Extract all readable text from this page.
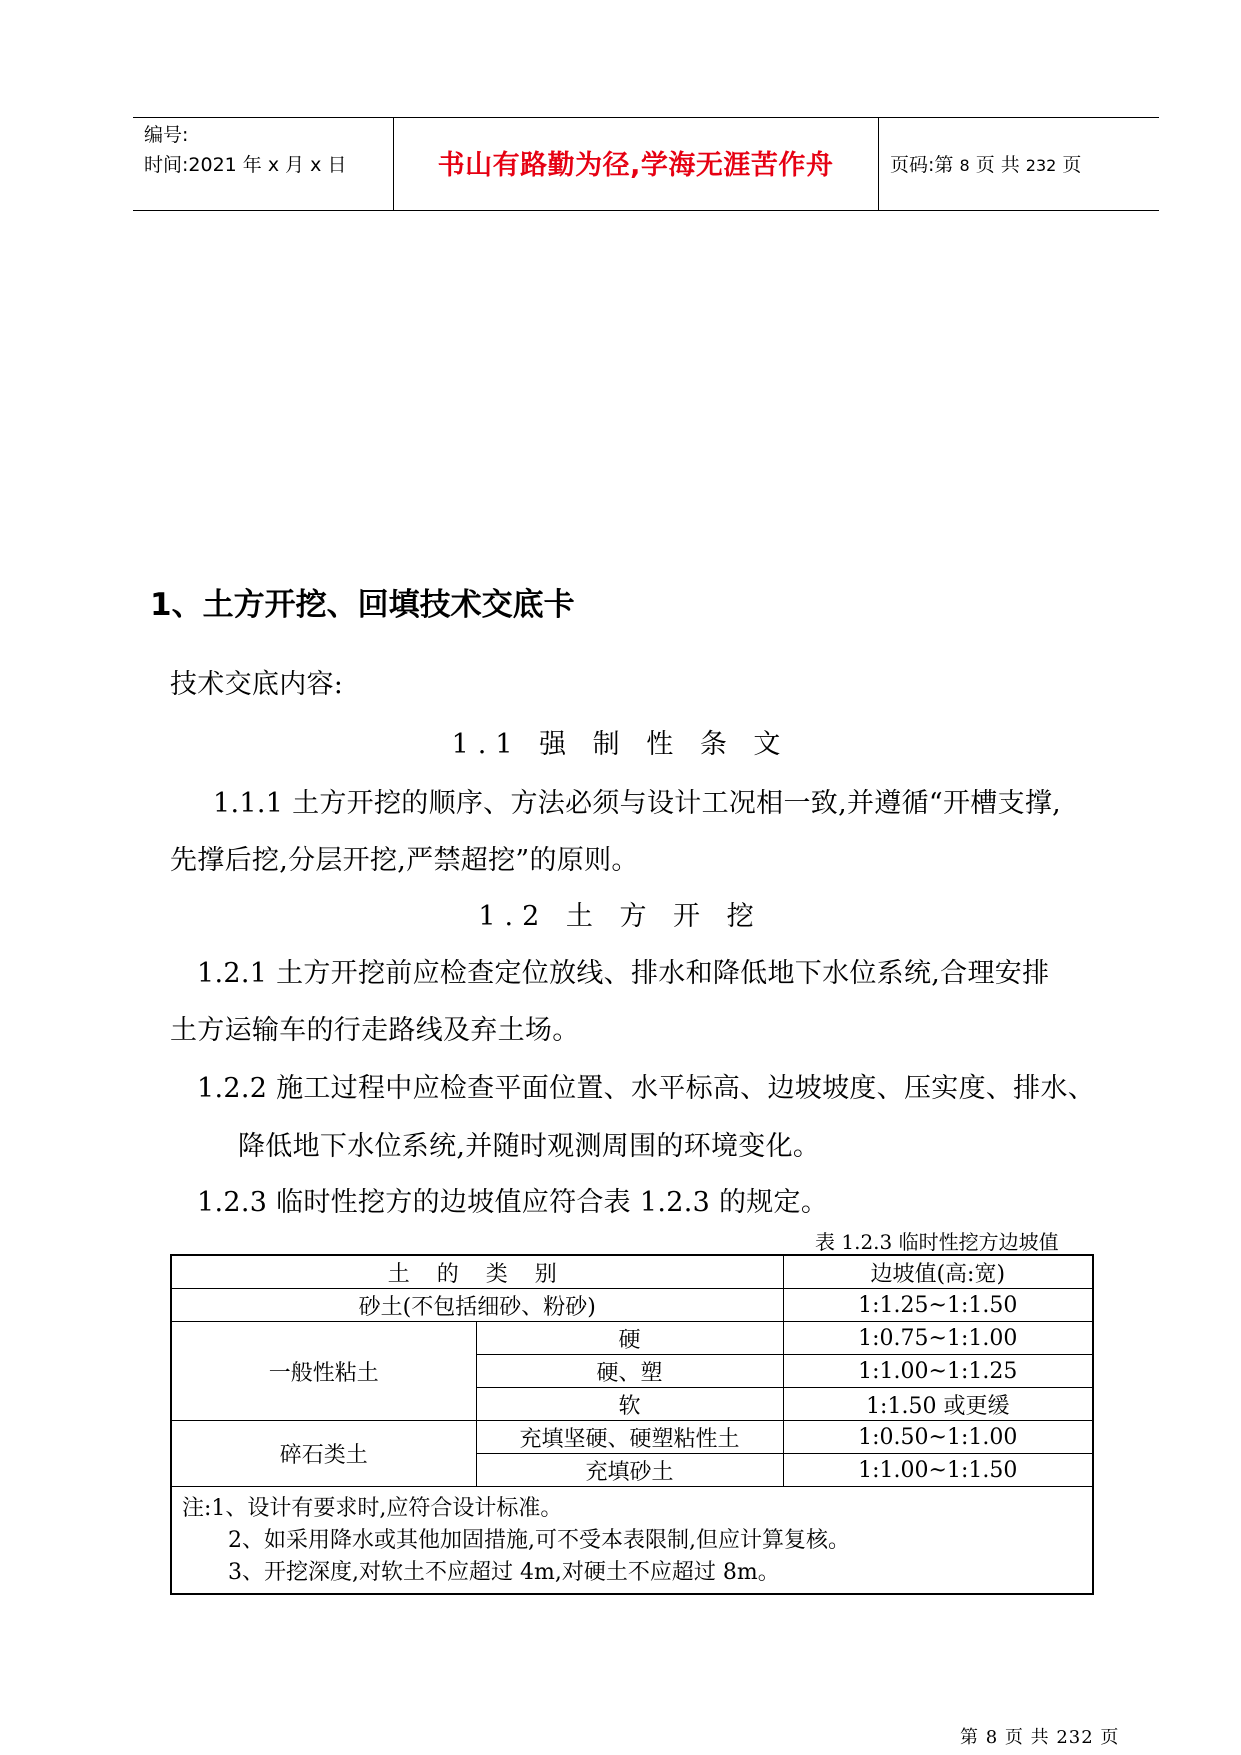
编号:
时间:2021 年 x 月 x 日	书山有路勤为径,学海无涯苦作舟	页码:第 8 页 共 232 页
1、土方开挖、回填技术交底卡
技术交底内容:
1.1 强 制 性 条 文
1.1.1 土方开挖的顺序、方法必须与设计工况相一致,并遵循“开槽支撑,
先撑后挖,分层开挖,严禁超挖”的原则。
1.2 土 方 开 挖
1.2.1 土方开挖前应检查定位放线、排水和降低地下水位系统,合理安排
土方运输车的行走路线及弃土场。
1.2.2 施工过程中应检查平面位置、水平标高、边坡坡度、压实度、排水、
降低地下水位系统,并随时观测周围的环境变化。
1.2.3 临时性挖方的边坡值应符合表 1.2.3 的规定。
表 1.2.3 临时性挖方边坡值
土 的 类 别		边坡值(高:宽)
砂土(不包括细砂、粉砂)		1:1.25~1:1.50
一般性粘土	硬	1:0.75~1:1.00
	硬、塑	1:1.00~1:1.25
	软	1:1.50 或更缓
碎石类土	充填坚硬、硬塑粘性土	1:0.50~1:1.00
	充填砂土	1:1.00~1:1.50

注:1、设计有要求时,应符合设计标准。
2、如采用降水或其他加固措施,可不受本表限制,但应计算复核。
3、开挖深度,对软土不应超过 4m,对硬土不应超过 8m。		
第 8 页 共 232 页
